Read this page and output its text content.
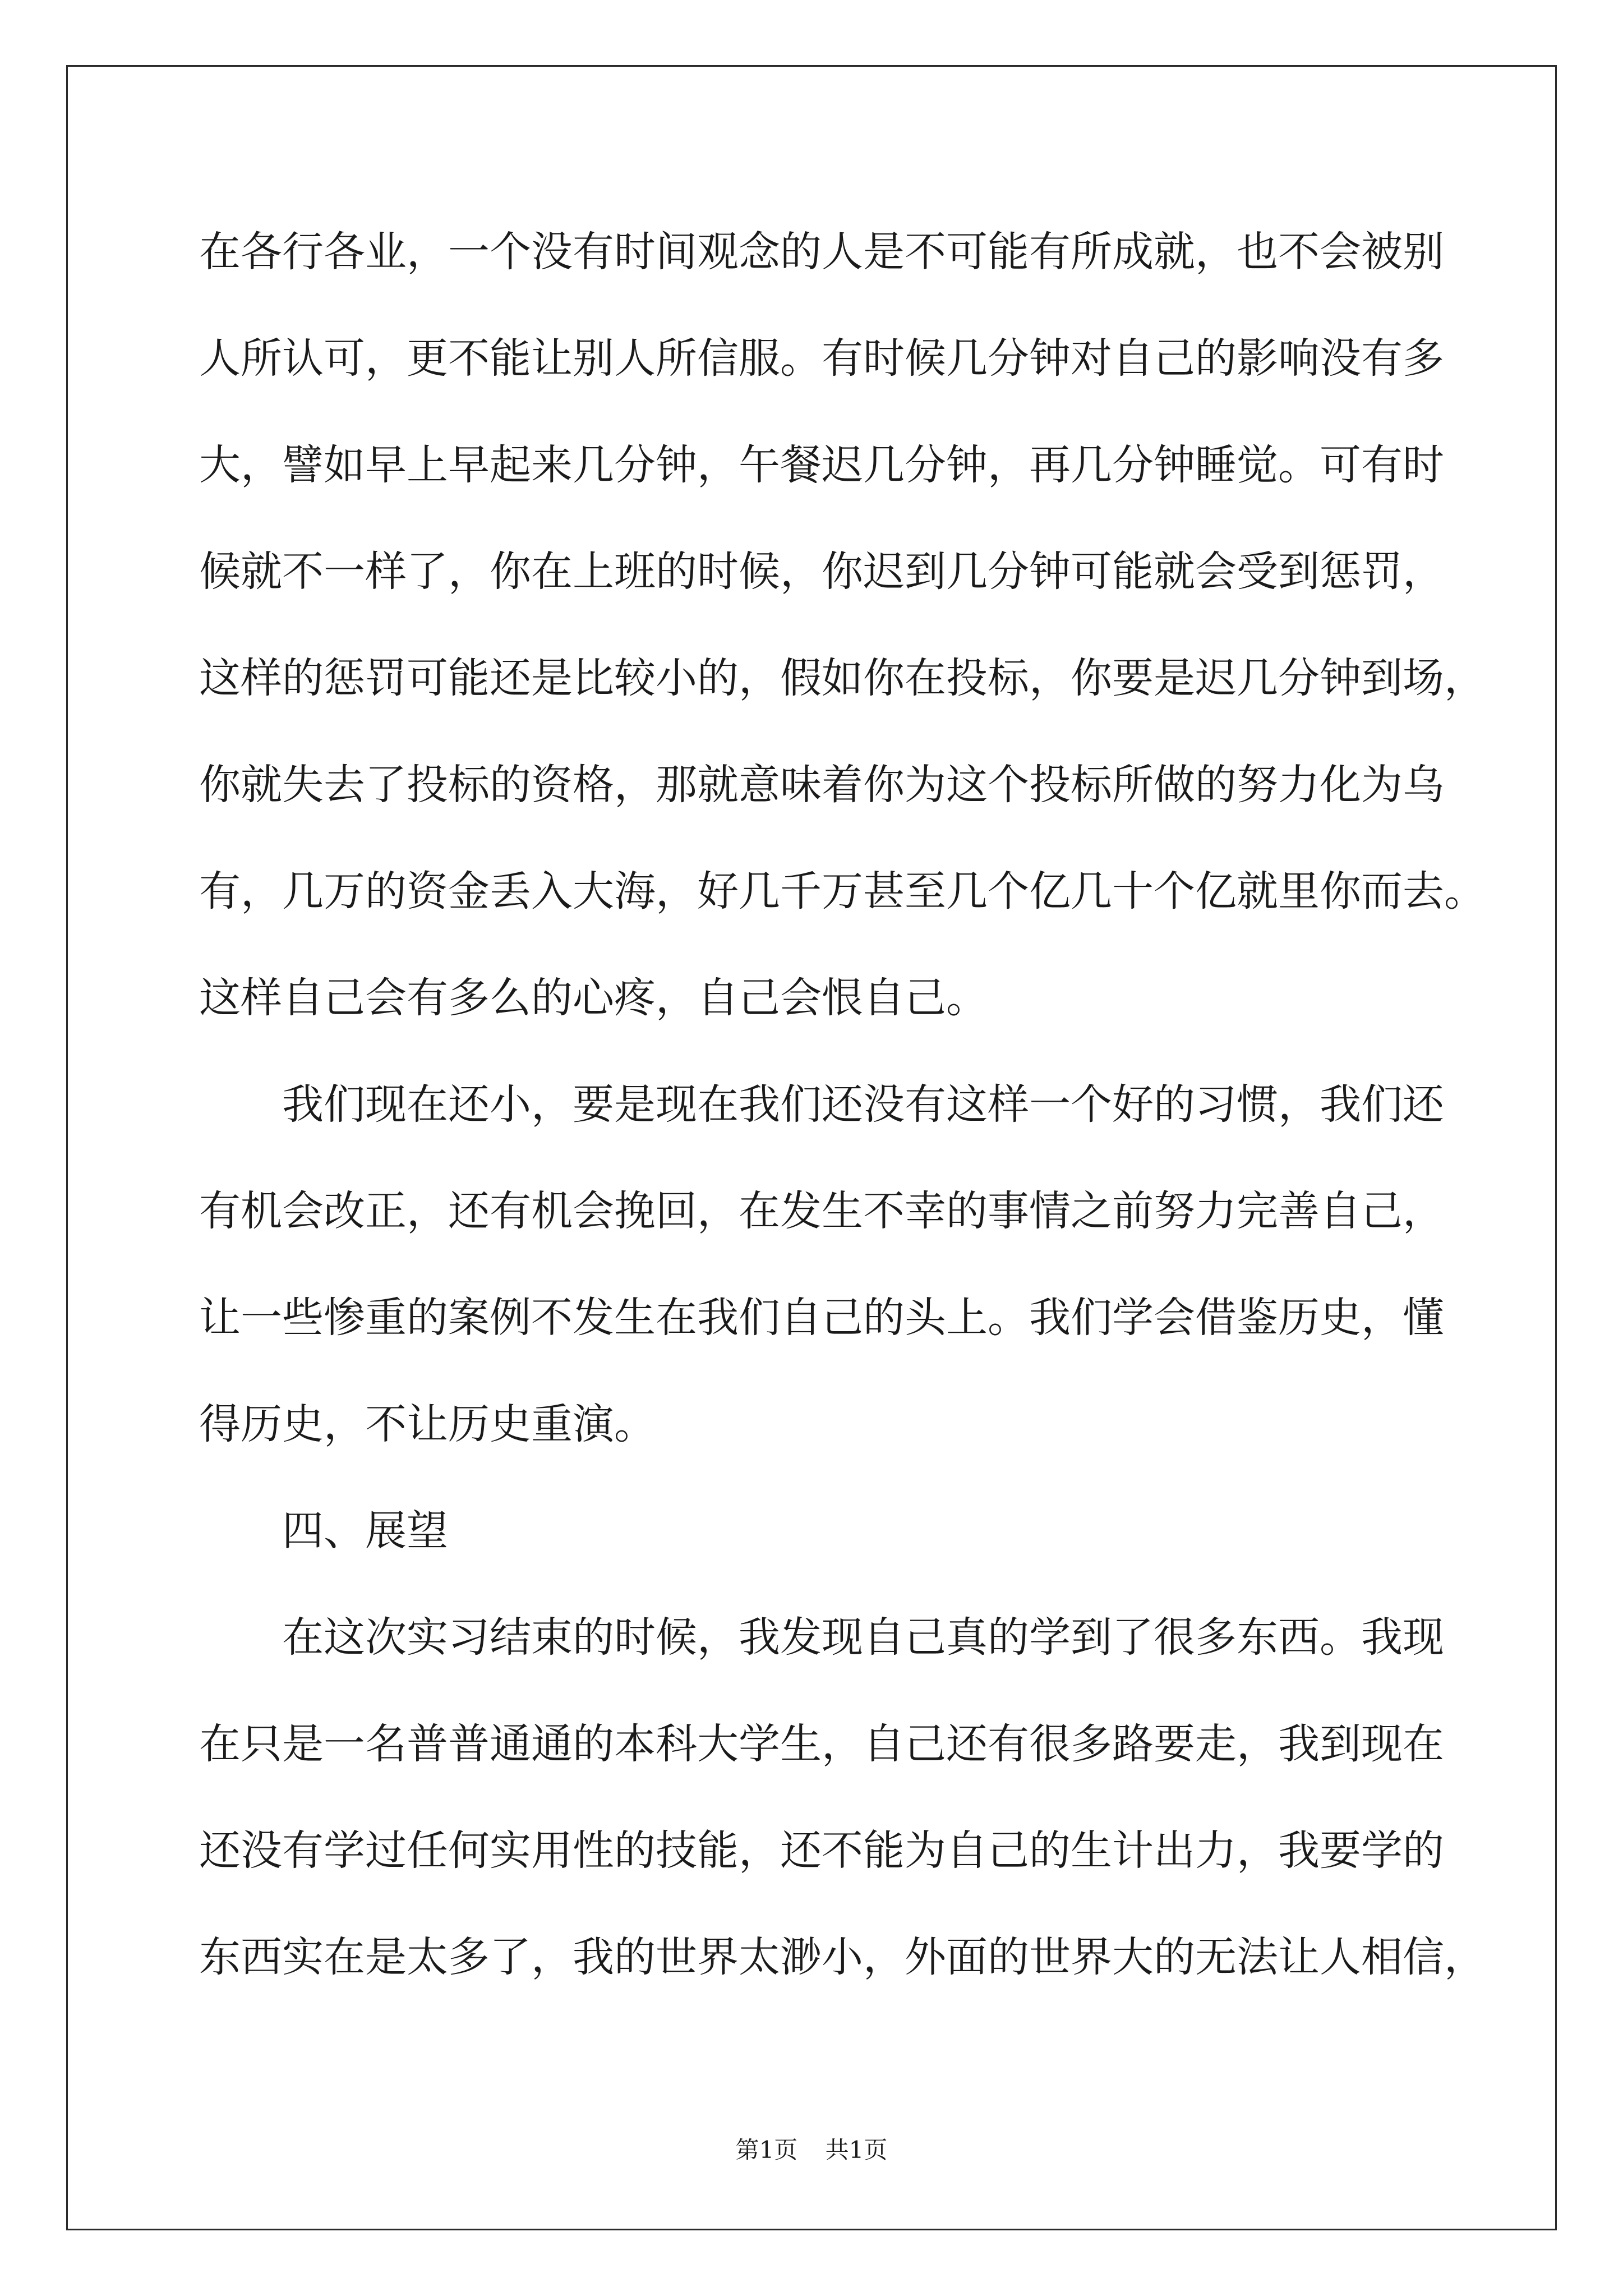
在各行各业，一个没有时间观念的人是不可能有所成就，也不会被别
人所认可，更不能让别人所信服。有时候几分钟对自己的影响没有多
大，譬如早上早起来几分钟，午餐迟几分钟，再几分钟睡觉。可有时
候就不一样了，你在上班的时候，你迟到几分钟可能就会受到惩罚，
这样的惩罚可能还是比较小的，假如你在投标，你要是迟几分钟到场，
你就失去了投标的资格，那就意味着你为这个投标所做的努力化为乌
有，几万的资金丢入大海，好几千万甚至几个亿几十个亿就里你而去。
这样自己会有多么的心疼，自己会恨自己。
我们现在还小，要是现在我们还没有这样一个好的习惯，我们还
有机会改正，还有机会挽回，在发生不幸的事情之前努力完善自己，
让一些惨重的案例不发生在我们自己的头上。我们学会借鉴历史，懂
得历史，不让历史重演。
四、展望
在这次实习结束的时候，我发现自己真的学到了很多东西。我现
在只是一名普普通通的本科大学生，自己还有很多路要走，我到现在
还没有学过任何实用性的技能，还不能为自己的生计出力，我要学的
东西实在是太多了，我的世界太渺小，外面的世界大的无法让人相信，
第1页 共1页
